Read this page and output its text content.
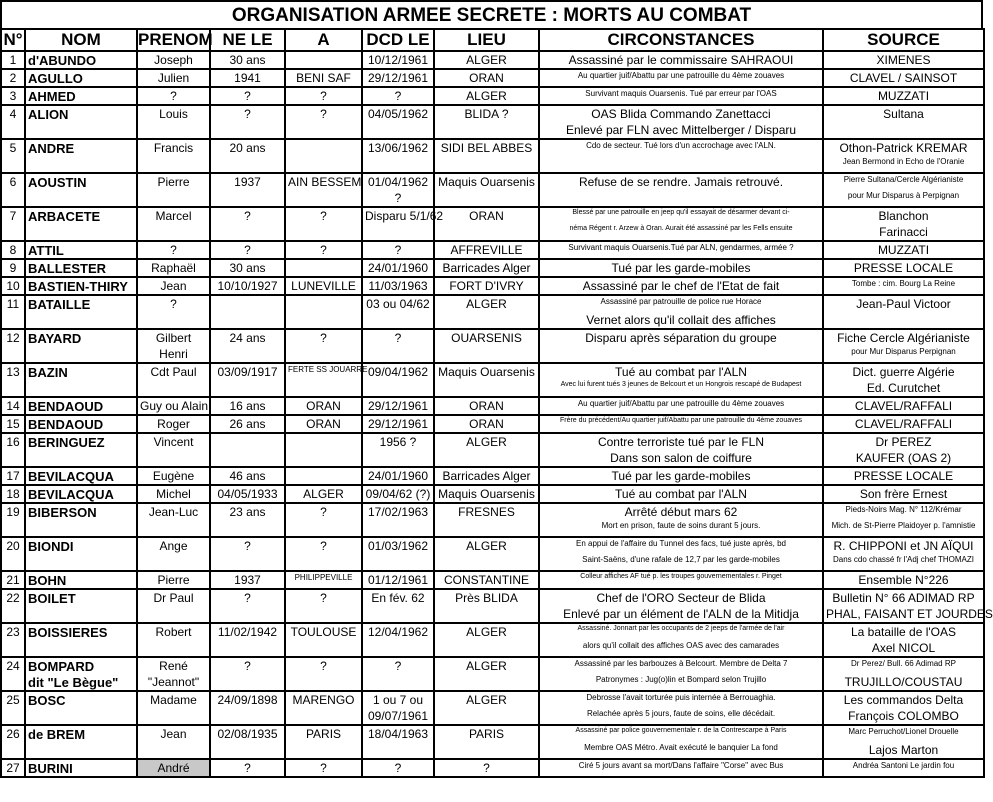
ORGANISATION ARMEE SECRETE : MORTS AU COMBAT
N°	NOM	PRENOM	NE LE	A	DCD LE	LIEU	CIRCONSTANCES	SOURCE
1	d'ABUNDO	Joseph	30 ans		10/12/1961	ALGER	Assassiné par le commissaire SAHRAOUI	XIMENES
2	AGULLO	Julien	1941	BENI SAF	29/12/1961	ORAN	Au quartier juif/Abattu par une patrouille du 4ème zouaves	CLAVEL / SAINSOT
3	AHMED	?	?	?	?	ALGER	Survivant maquis Ouarsenis. Tué par erreur par l'OAS	MUZZATI
4	ALION	Louis	?	?	04/05/1962	BLIDA ?	OAS Blida Commando Zanettacci	Sultana
							Enlevé par FLN avec Mittelberger / Disparu	
5	ANDRE	Francis	20 ans		13/06/1962	SIDI BEL ABBES	Cdo de secteur. Tué lors d'un accrochage avec l'ALN.	Othon-Patrick KREMAR
								Jean Bermond in Echo de l'Oranie
6	AOUSTIN	Pierre	1937	AIN BESSEM	01/04/1962	Maquis Ouarsenis	Refuse de se rendre. Jamais retrouvé.	Pierre Sultana/Cercle Algérianiste
					?			pour Mur Disparus à Perpignan
7	ARBACETE	Marcel	?	?	Disparu 5/1/62	ORAN	Blessé par une patrouille en jeep qu'il essayait de désarmer devant ci-	Blanchon
							néma Régent r. Arzew à Oran. Aurait été assassiné par les Fells ensuite	Farinacci
8	ATTIL	?	?	?	?	AFFREVILLE	Survivant maquis Ouarsenis.Tué par ALN, gendarmes, armée ?	MUZZATI
9	BALLESTER	Raphaël	30 ans		24/01/1960	Barricades Alger	Tué par les garde-mobiles	PRESSE LOCALE
10	BASTIEN-THIRY	Jean	10/10/1927	LUNEVILLE	11/03/1963	FORT D'IVRY	Assassiné par le chef de l'Etat de fait	Tombe : cim. Bourg La Reine
11	BATAILLE	?			03 ou 04/62	ALGER	Assassiné par patrouille de police rue Horace	Jean-Paul Victoor
							Vernet alors qu'il collait des affiches	
12	BAYARD	Gilbert	24 ans	?	?	OUARSENIS	Disparu après séparation du groupe	Fiche Cercle Algérianiste
		Henri						pour Mur Disparus Perpignan
13	BAZIN	Cdt Paul	03/09/1917	FERTE SS JOUARRE	09/04/1962	Maquis Ouarsenis	Tué au combat par l'ALN	Dict. guerre Algérie
							Avec lui furent tués 3 jeunes de Belcourt et un Hongrois rescapé de Budapest	Ed. Curutchet
14	BENDAOUD	Guy ou Alain	16 ans	ORAN	29/12/1961	ORAN	Au quartier juif/Abattu par une patrouille du 4ème zouaves	CLAVEL/RAFFALI
15	BENDAOUD	Roger	26 ans	ORAN	29/12/1961	ORAN	Frère du précédent/Au quartier juif/Abattu par une patrouille du 4ème zouaves	CLAVEL/RAFFALI
16	BERINGUEZ	Vincent			1956 ?	ALGER	Contre terroriste tué par le FLN	Dr PEREZ
							Dans son salon de coiffure	KAUFER (OAS 2)
17	BEVILACQUA	Eugène	46 ans		24/01/1960	Barricades Alger	Tué par les garde-mobiles	PRESSE LOCALE
18	BEVILACQUA	Michel	04/05/1933	ALGER	09/04/62 (?)	Maquis Ouarsenis	Tué au combat par l'ALN	Son frère Ernest
19	BIBERSON	Jean-Luc	23 ans	?	17/02/1963	FRESNES	Arrêté début mars 62	Pieds-Noirs Mag. N° 112/Krémar
							Mort en prison, faute de soins durant 5 jours.	Mich. de St-Pierre Plaidoyer p. l'amnistie
20	BIONDI	Ange	?	?	01/03/1962	ALGER	En appui de l'affaire du Tunnel des facs, tué juste après, bd	R. CHIPPONI et JN AÏQUI
							Saint-Saëns, d'une rafale de 12,7 par les garde-mobiles	Dans cdo chassé fr l'Adj chef THOMAZI
21	BOHN	Pierre	1937	PHILIPPEVILLE	01/12/1961	CONSTANTINE	Colleur affiches AF tué p. les troupes gouvernementales r. Pinget	Ensemble N°226
22	BOILET	Dr Paul	?	?	En fév. 62	Près BLIDA	Chef de l'ORO Secteur de Blida	Bulletin N° 66 ADIMAD RP
							Enlevé par un élément de l'ALN de la Mitidja	PHAL, FAISANT ET JOURDES
23	BOISSIERES	Robert	11/02/1942	TOULOUSE	12/04/1962	ALGER	Assassiné. Jonnart par les occupants de 2 jeeps de l'armée de l'air	La bataille de l'OAS
							alors qu'il collait des affiches OAS avec des camarades	Axel NICOL
24	BOMPARD	René	?	?	?	ALGER	Assassiné par les barbouzes à Belcourt. Membre de Delta 7	Dr Perez/ Bull. 66 Adimad RP
	dit "Le Bègue"	"Jeannot"					Patronymes : Jug(o)lin et Bompard selon Trujillo	TRUJILLO/COUSTAU
25	BOSC	Madame	24/09/1898	MARENGO	1 ou 7 ou	ALGER	Debrosse l'avait torturée puis internée à Berrouaghia.	Les commandos Delta
					09/07/1961		Relachée après 5 jours, faute de soins, elle décédait.	François COLOMBO
26	de BREM	Jean	02/08/1935	PARIS	18/04/1963	PARIS	Assassiné par police gouvernementale r. de la Contrescarpe à Paris	Marc Perruchot/Lionel Drouelle
							Membre OAS Métro. Avait exécuté le banquier La fond	Lajos Marton
27	BURINI	André	?	?	?	?	Ciré 5 jours avant sa mort/Dans l'affaire "Corse" avec Bus	Andréa Santoni Le jardin fou
